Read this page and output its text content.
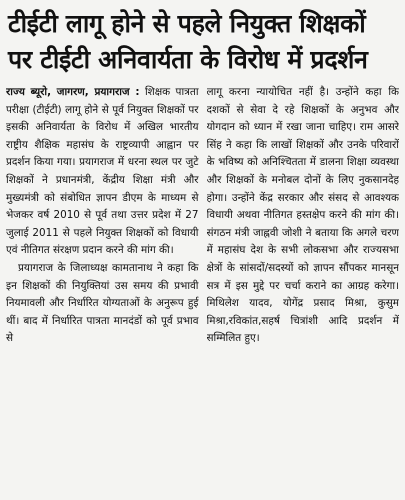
टीईटी लागू होने से पहले नियुक्त शिक्षकों
पर टीईटी अनिवार्यता के विरोध में प्रदर्शन

राज्य ब्यूरो, जागरण, प्रयागराज : शिक्षक पात्रता परीक्षा (टीईटी) लागू होने से पूर्व नियुक्त शिक्षकों पर इसकी अनिवार्यता के विरोध में अखिल भारतीय राष्ट्रीय शैक्षिक महासंघ के राष्ट्रव्यापी आह्वान पर प्रदर्शन किया गया। प्रयागराज में धरना स्थल पर जुटे शिक्षकों ने प्रधानमंत्री, केंद्रीय शिक्षा मंत्री और मुख्यमंत्री को संबोधित ज्ञापन डीएम के माध्यम से भेजकर वर्ष 2010 से पूर्व तथा उत्तर प्रदेश में 27 जुलाई 2011 से पहले नियुक्त शिक्षकों को विधायी एवं नीतिगत संरक्षण प्रदान करने की मांग की।

प्रयागराज के जिलाध्यक्ष कामतानाथ ने कहा कि इन शिक्षकों की नियुक्तियां उस समय की प्रभावी नियमावली और निर्धारित योग्यताओं के अनुरूप हुई थीं। बाद में निर्धारित पात्रता मानदंडों को पूर्व प्रभाव से

लागू करना न्यायोचित नहीं है। उन्होंने कहा कि दशकों से सेवा दे रहे शिक्षकों के अनुभव और योगदान को ध्यान में रखा जाना चाहिए। राम आसरे सिंह ने कहा कि लाखों शिक्षकों और उनके परिवारों के भविष्य को अनिश्चितता में डालना शिक्षा व्यवस्था और शिक्षकों के मनोबल दोनों के लिए नुकसानदेह होगा। उन्होंने केंद्र सरकार और संसद से आवश्यक विधायी अथवा नीतिगत हस्तक्षेप करने की मांग की। संगठन मंत्री जाह्नवी जोशी ने बताया कि अगले चरण में महासंघ देश के सभी लोकसभा और राज्यसभा क्षेत्रों के सांसदों/सदस्यों को ज्ञापन सौंपकर मानसून सत्र में इस मुद्दे पर चर्चा कराने का आग्रह करेगा। मिथिलेश यादव, योगेंद्र प्रसाद मिश्रा, कुसुम मिश्रा,रविकांत,सहर्ष चित्रांशी आदि प्रदर्शन में सम्मिलित हुए।
